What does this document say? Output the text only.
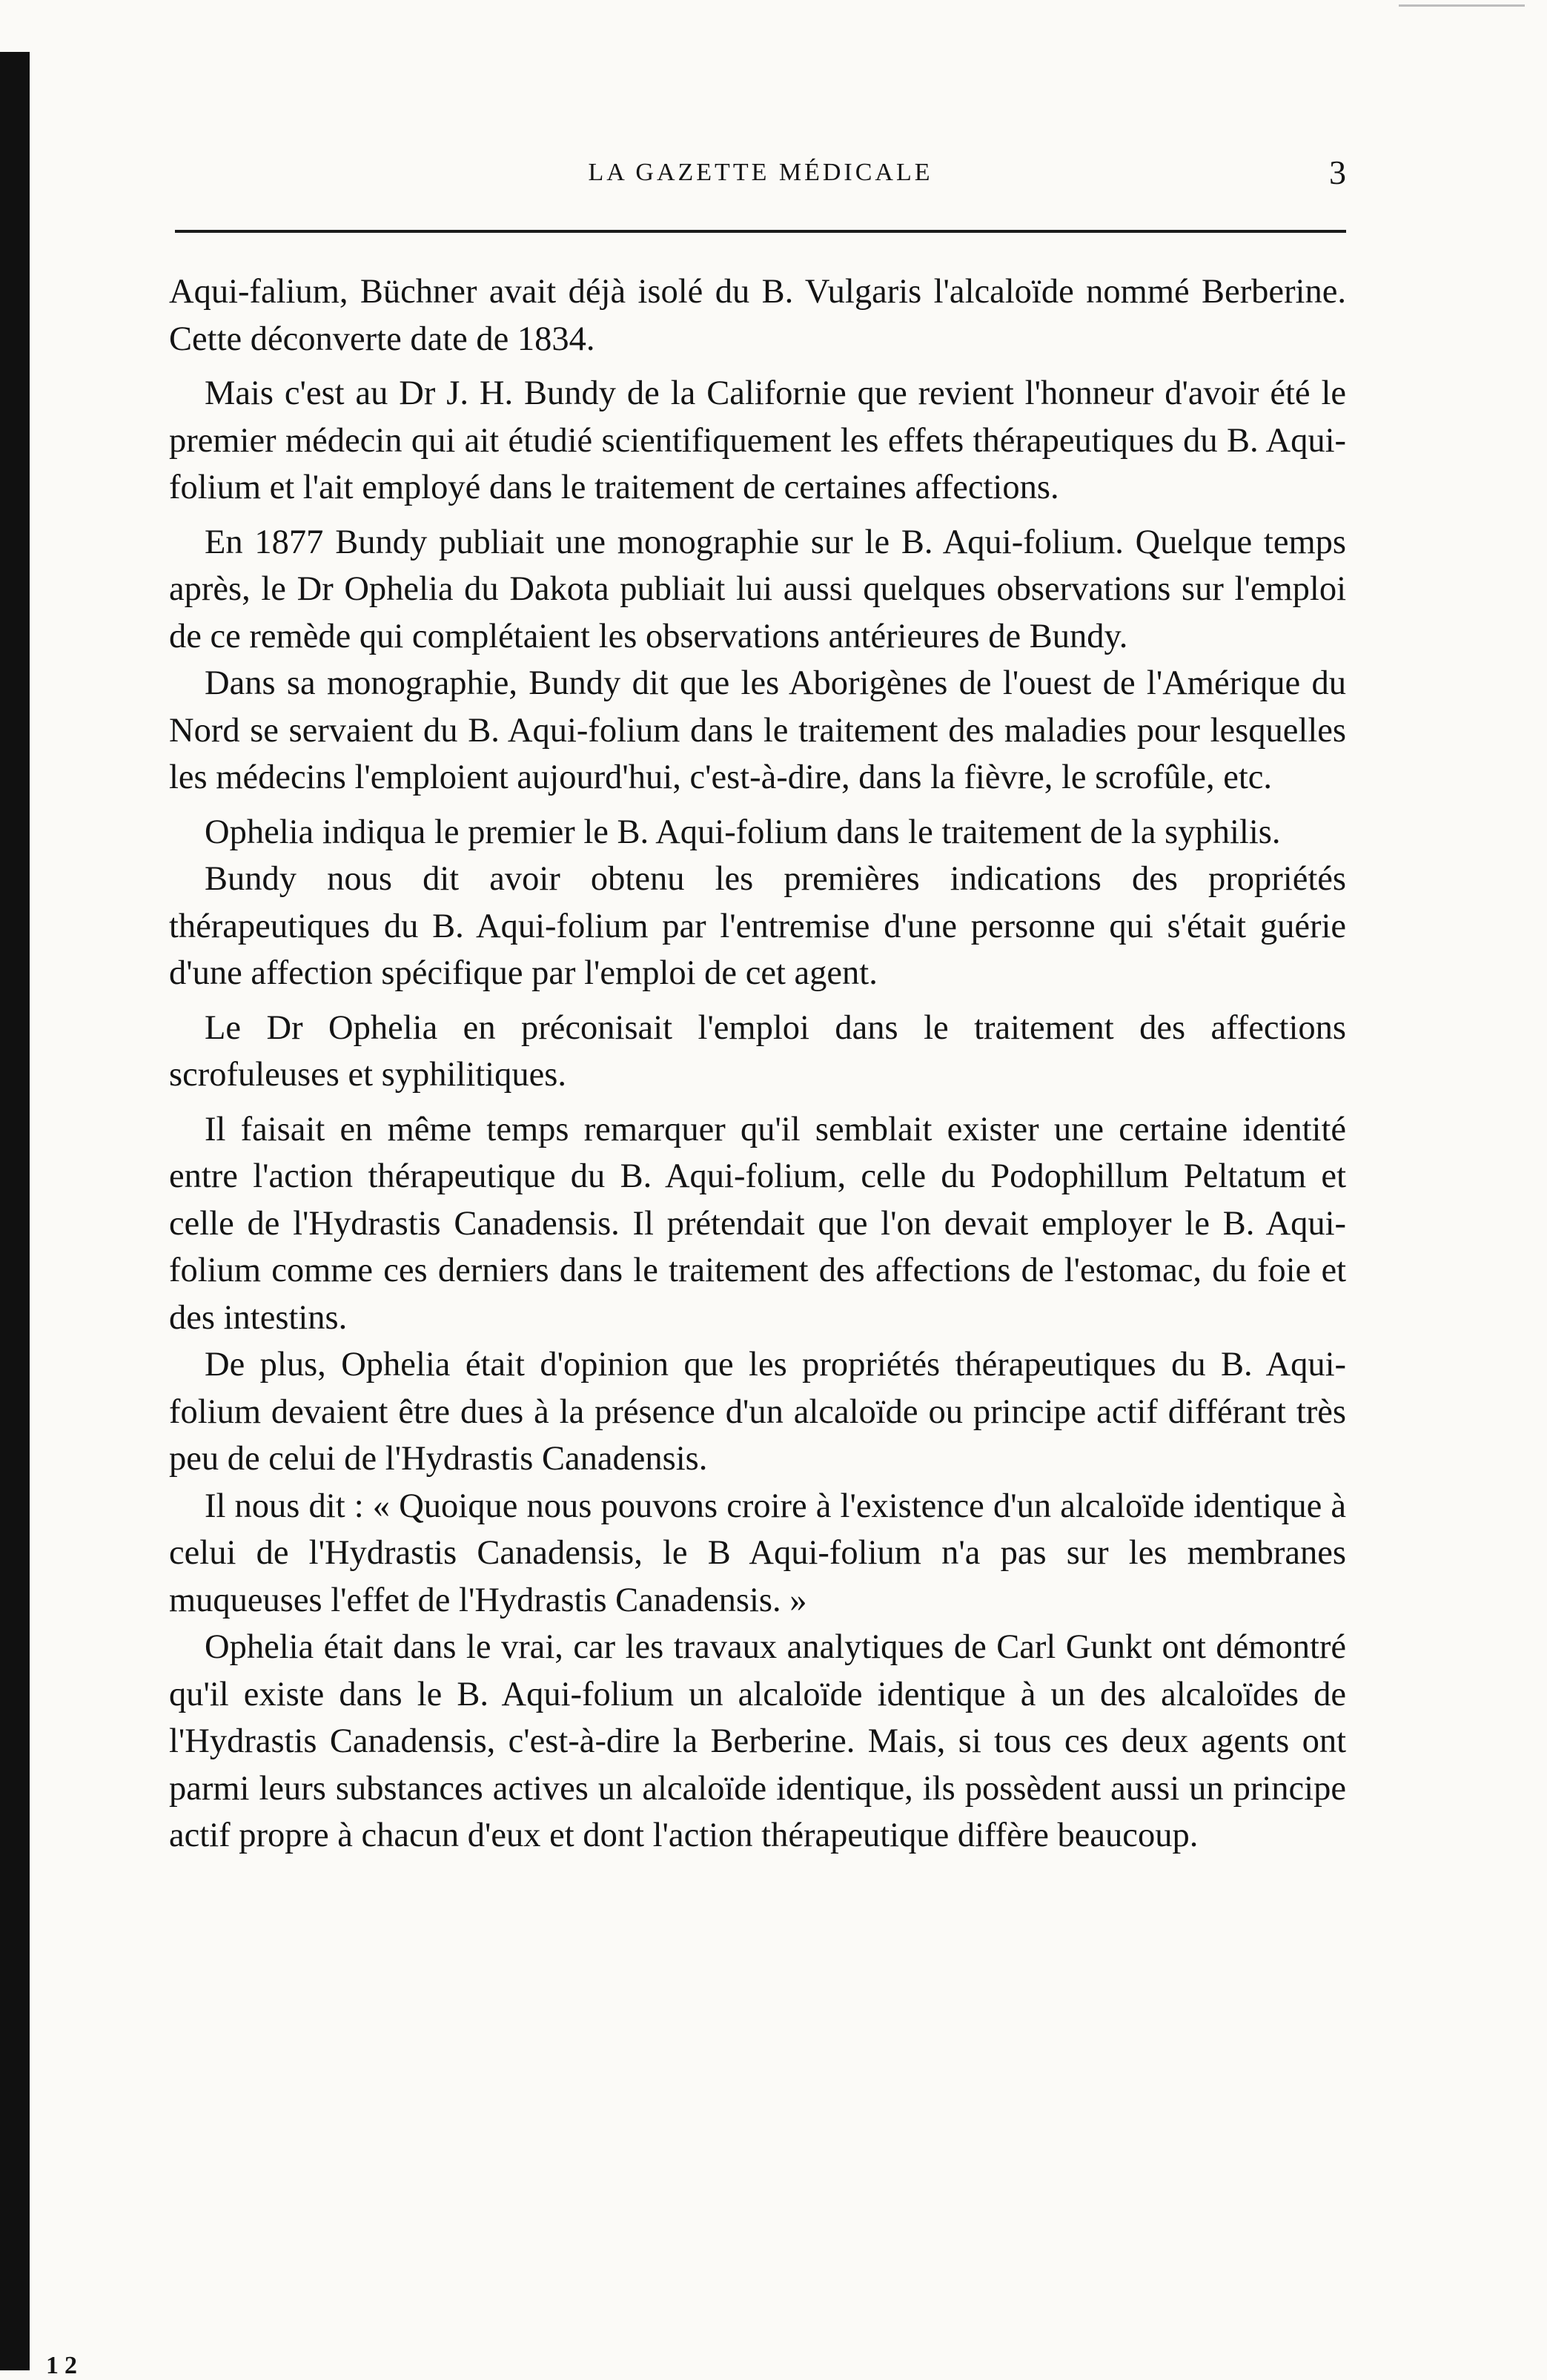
LA GAZETTE MÉDICALE	3

Aqui-falium, Büchner avait déjà isolé du B. Vulgaris l'alcaloïde nommé Berberine. Cette déconverte date de 1834.

Mais c'est au Dr J. H. Bundy de la Californie que revient l'honneur d'avoir été le premier médecin qui ait étudié scientifiquement les effets thérapeutiques du B. Aqui-folium et l'ait employé dans le traitement de certaines affections.

En 1877 Bundy publiait une monographie sur le B. Aqui-folium. Quelque temps après, le Dr Ophelia du Dakota publiait lui aussi quelques observations sur l'emploi de ce remède qui complétaient les observations antérieures de Bundy.

Dans sa monographie, Bundy dit que les Aborigènes de l'ouest de l'Amérique du Nord se servaient du B. Aqui-folium dans le traitement des maladies pour lesquelles les médecins l'emploient aujourd'hui, c'est-à-dire, dans la fièvre, le scrofûle, etc.

Ophelia indiqua le premier le B. Aqui-folium dans le traitement de la syphilis.

Bundy nous dit avoir obtenu les premières indications des propriétés thérapeutiques du B. Aqui-folium par l'entremise d'une personne qui s'était guérie d'une affection spécifique par l'emploi de cet agent.

Le Dr Ophelia en préconisait l'emploi dans le traitement des affections scrofuleuses et syphilitiques.

Il faisait en même temps remarquer qu'il semblait exister une certaine identité entre l'action thérapeutique du B. Aqui-folium, celle du Podophillum Peltatum et celle de l'Hydrastis Canadensis. Il prétendait que l'on devait employer le B. Aqui-folium comme ces derniers dans le traitement des affections de l'estomac, du foie et des intestins.

De plus, Ophelia était d'opinion que les propriétés thérapeutiques du B. Aqui-folium devaient être dues à la présence d'un alcaloïde ou principe actif différant très peu de celui de l'Hydrastis Canadensis.

Il nous dit : « Quoique nous pouvons croire à l'existence d'un alcaloïde identique à celui de l'Hydrastis Canadensis, le B Aqui-folium n'a pas sur les membranes muqueuses l'effet de l'Hydrastis Canadensis. »

Ophelia était dans le vrai, car les travaux analytiques de Carl Gunkt ont démontré qu'il existe dans le B. Aqui-folium un alcaloïde identique à un des alcaloïdes de l'Hydrastis Canadensis, c'est-à-dire la Berberine. Mais, si tous ces deux agents ont parmi leurs substances actives un alcaloïde identique, ils possèdent aussi un principe actif propre à chacun d'eux et dont l'action thérapeutique diffère beaucoup.

12
